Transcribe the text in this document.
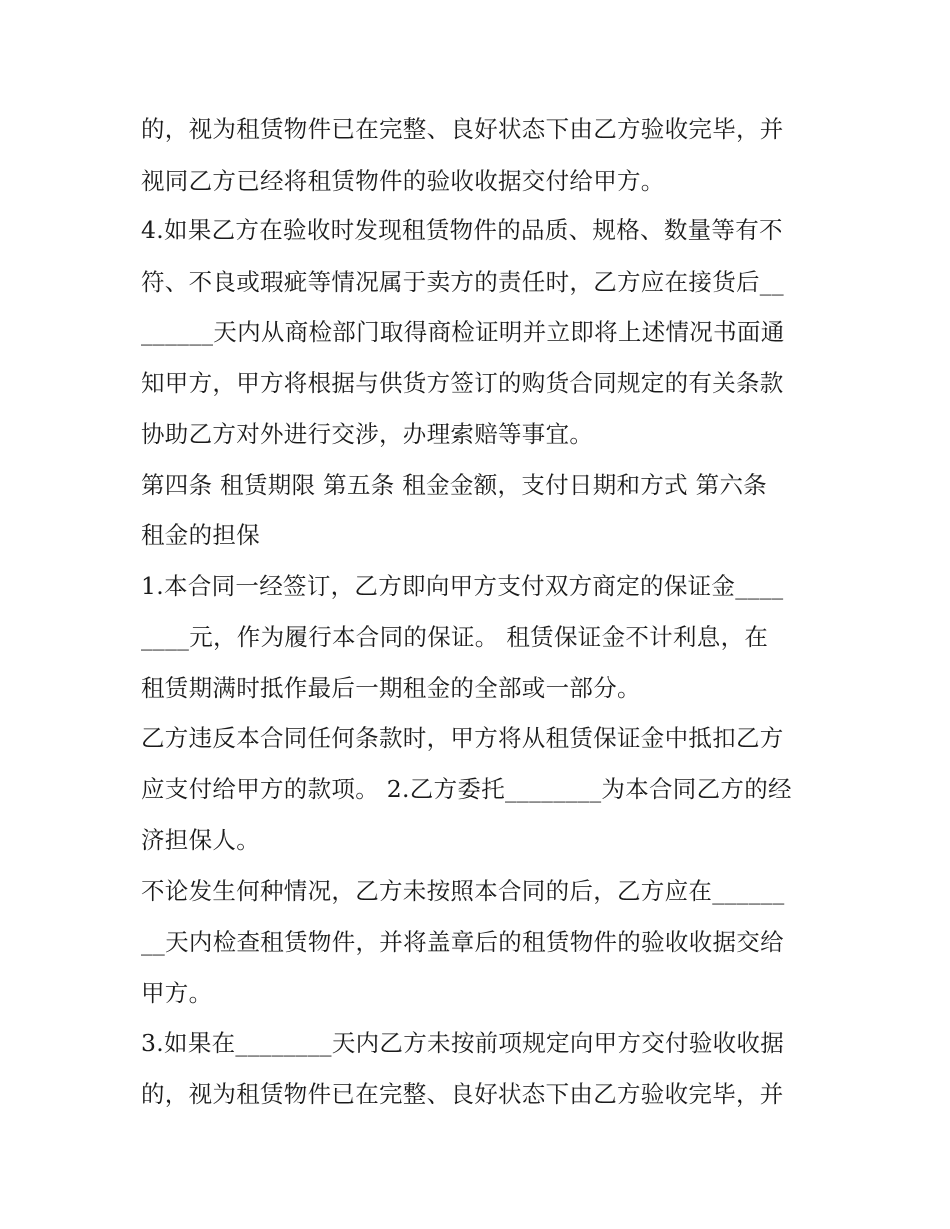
的，视为租赁物件已在完整、良好状态下由乙方验收完毕，并
视同乙方已经将租赁物件的验收收据交付给甲方。
4.如果乙方在验收时发现租赁物件的品质、规格、数量等有不
符、不良或瑕疵等情况属于卖方的责任时，乙方应在接货后__
______天内从商检部门取得商检证明并立即将上述情况书面通
知甲方，甲方将根据与供货方签订的购货合同规定的有关条款
协助乙方对外进行交涉，办理索赔等事宜。
第四条 租赁期限 第五条 租金金额，支付日期和方式 第六条
租金的担保
1.本合同一经签订，乙方即向甲方支付双方商定的保证金____
____元，作为履行本合同的保证。 租赁保证金不计利息，在
租赁期满时抵作最后一期租金的全部或一部分。
乙方违反本合同任何条款时，甲方将从租赁保证金中抵扣乙方
应支付给甲方的款项。 2.乙方委托________为本合同乙方的经
济担保人。
不论发生何种情况，乙方未按照本合同的后，乙方应在______
__天内检查租赁物件，并将盖章后的租赁物件的验收收据交给
甲方。
3.如果在________天内乙方未按前项规定向甲方交付验收收据
的，视为租赁物件已在完整、良好状态下由乙方验收完毕，并
